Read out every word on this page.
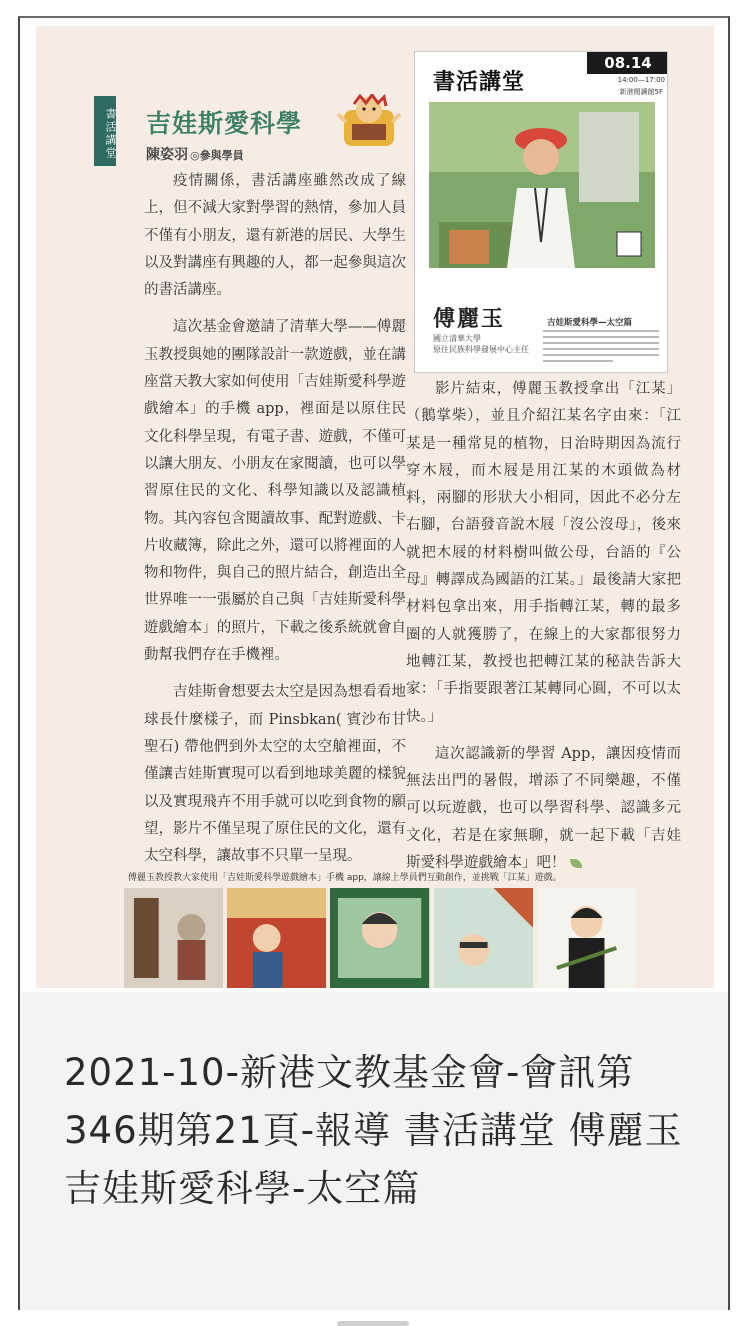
書活講堂 吉娃斯愛科學
陳姿羽 ◎參與學員

疫情關係，書活講座雖然改成了線上，但不減大家對學習的熱情，參加人員不僅有小朋友，還有新港的居民、大學生以及對講座有興趣的人，都一起參與這次的書活講座。

這次基金會邀請了清華大學——傅麗玉教授與她的團隊設計一款遊戲，並在講座當天教大家如何使用「吉娃斯愛科學遊戲繪本」的手機 app，裡面是以原住民文化科學呈現，有電子書、遊戲，不僅可以讓大朋友、小朋友在家閱讀，也可以學習原住民的文化、科學知識以及認識植物。其內容包含閱讀故事、配對遊戲、卡片收藏簿，除此之外，還可以將裡面的人物和物件，與自己的照片結合，創造出全世界唯一一張屬於自己與「吉娃斯愛科學遊戲繪本」的照片，下載之後系統就會自動幫我們存在手機裡。

吉娃斯會想要去太空是因為想看看地球長什麼樣子，而 Pinsbkan( 賓沙布甘聖石) 帶他們到外太空的太空艙裡面，不僅讓吉娃斯實現可以看到地球美麗的樣貌以及實現飛卉不用手就可以吃到食物的願望，影片不僅呈現了原住民的文化，還有太空科學，讓故事不只單一呈現。

書活講堂
08.14
14:00—17:00
新港閱讀館5F
傅麗玉
國立清華大學
原住民族科學發展中心主任
吉娃斯愛科學—太空篇

影片結束，傅麗玉教授拿出「江某」（鵝掌柴），並且介紹江某名字由來：「江某是一種常見的植物，日治時期因為流行穿木屐，而木屐是用江某的木頭做為材料，兩腳的形狀大小相同，因此不必分左右腳，台語發音說木屐「沒公沒母」，後來就把木屐的材料樹叫做公母，台語的『公母』轉譯成為國語的江某。」最後請大家把材料包拿出來，用手指轉江某，轉的最多圈的人就獲勝了，在線上的大家都很努力地轉江某，教授也把轉江某的秘訣告訴大家：「手指要跟著江某轉同心圓，不可以太快。」

這次認識新的學習 App，讓因疫情而無法出門的暑假，增添了不同樂趣，不僅可以玩遊戲，也可以學習科學、認識多元文化，若是在家無聊，就一起下載「吉娃斯愛科學遊戲繪本」吧！

傅麗玉教授教大家使用「吉娃斯愛科學遊戲繪本」手機 app，讓線上學員們互動創作，並挑戰「江某」遊戲。
2021-10-新港文教基金會-會訊第346期第21頁-報導 書活講堂 傅麗玉 吉娃斯愛科學-太空篇
